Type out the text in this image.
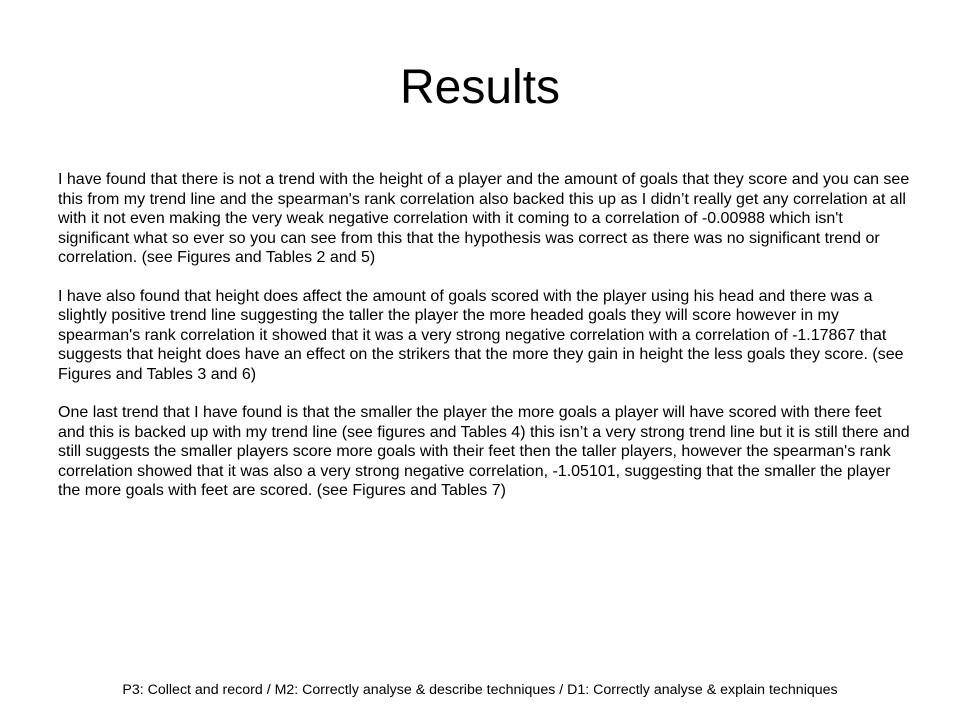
Results

I have found that there is not a trend with the height of a player and the amount of goals that they score and you can see this from my trend line and the spearman's rank correlation also backed this up as I didn’t really get any correlation at all with it not even making the very weak negative correlation with it coming to a correlation of -0.00988 which isn't significant what so ever so you can see from this that the hypothesis was correct as there was no significant trend or correlation. (see Figures and Tables 2 and 5)

I have also found that height does affect the amount of goals scored with the player using his head and there was a slightly positive trend line suggesting the taller the player the more headed goals they will score however in my spearman's rank correlation it showed that it was a very strong negative correlation with a correlation of -1.17867 that suggests that height does have an effect on the strikers that the more they gain in height the less goals they score. (see Figures and Tables 3 and 6)

One last trend that I have found is that the smaller the player the more goals a player will have scored with there feet and this is backed up with my trend line (see figures and Tables 4) this isn’t a very strong trend line but it is still there and still suggests the smaller players score more goals with their feet then the taller players, however the spearman's rank correlation showed that it was also a very strong negative correlation, -1.05101, suggesting that the smaller the player the more goals with feet are scored. (see Figures and Tables 7)

P3: Collect and record / M2: Correctly analyse & describe techniques / D1: Correctly analyse & explain techniques
